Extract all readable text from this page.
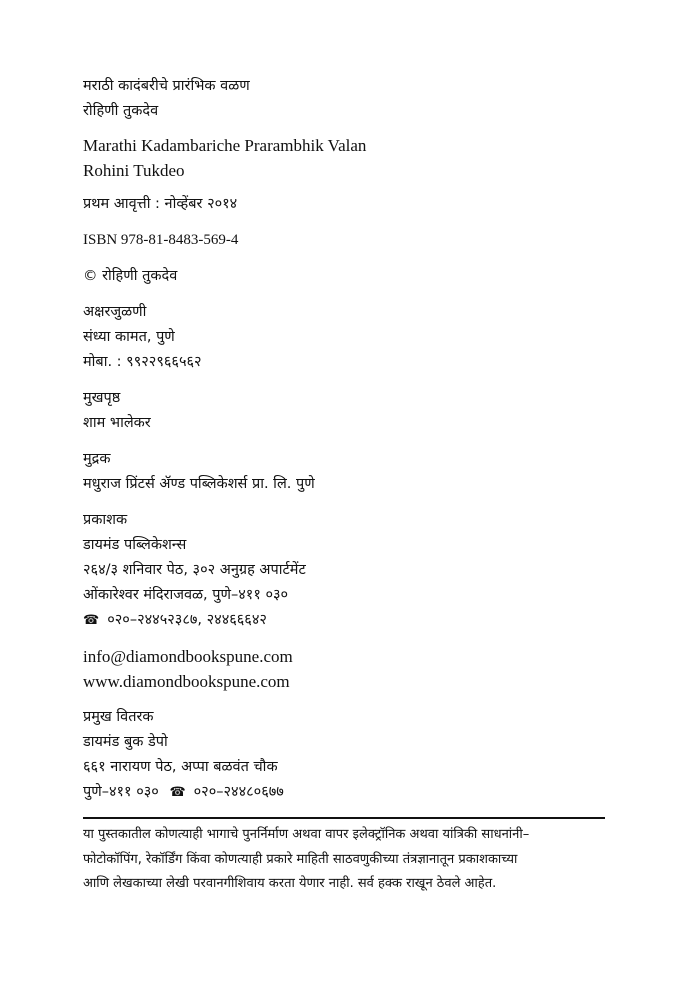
मराठी कादंबरीचे प्रारंभिक वळण
रोहिणी तुकदेव
Marathi Kadambariche Prarambhik Valan
Rohini Tukdeo
प्रथम आवृत्ती : नोव्हेंबर २०१४
ISBN 978-81-8483-569-4
© रोहिणी तुकदेव
अक्षरजुळणी
संध्या कामत, पुणे
मोबा. : ९९२२९६६५६२
मुखपृष्ठ
शाम भालेकर
मुद्रक
मधुराज प्रिंटर्स ॲण्ड पब्लिकेशर्स प्रा. लि. पुणे
प्रकाशक
डायमंड पब्लिकेशन्स
२६४/३ शनिवार पेठ, ३०२ अनुग्रह अपार्टमेंट
ओंकारेश्वर मंदिराजवळ, पुणे–४११ ०३०
☎ ०२०–२४४५२३८७, २४४६६६४२
info@diamondbookspune.com
www.diamondbookspune.com
प्रमुख वितरक
डायमंड बुक डेपो
६६१ नारायण पेठ, अप्पा बळवंत चौक
पुणे–४११ ०३० ☎ ०२०–२४४८०६७७
या पुस्तकातील कोणत्याही भागाचे पुनर्निर्माण अथवा वापर इलेक्ट्रॉनिक अथवा यांत्रिकी साधनांनी–
फोटोकॉपिंग, रेकॉर्डिंग किंवा कोणत्याही प्रकारे माहिती साठवणुकीच्या तंत्रज्ञानातून प्रकाशकाच्या
आणि लेखकाच्या लेखी परवानगीशिवाय करता येणार नाही. सर्व हक्क राखून ठेवले आहेत.
